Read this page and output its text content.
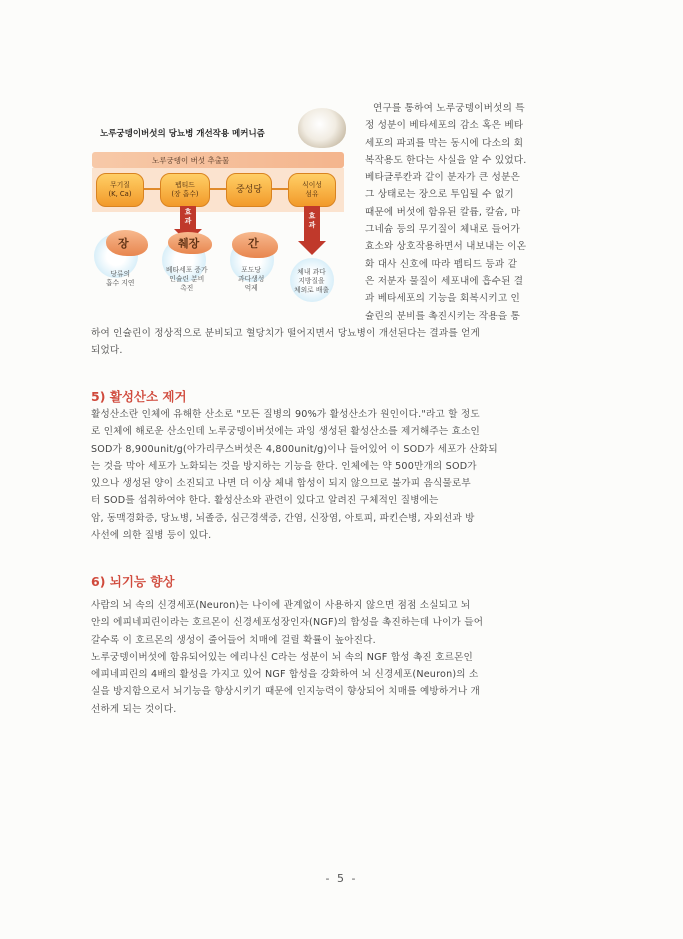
노루궁뎅이버섯의 당뇨병 개선작용 메커니즘
노루궁뎅이 버섯 추출물
무기질
(K, Ca)
펩티드
(장 흡수)	중성당	식이성
섬유
효과
효과
장
당류의
흡수 지연
췌장
베타세포 증가
인슐린 분비
촉진
간
포도당
과다생성
억제
체내 과다
지방질을
체외로 배출
연구를 통하여 노루궁뎅이버섯의 특
정 성분이 베타세포의 감소 혹은 베타
세포의 파괴를 막는 동시에 다소의 회
복작용도 한다는 사실을 알 수 있었다.
베타글루칸과 같이 분자가 큰 성분은
그 상태로는 장으로 투입될 수 없기
때문에 버섯에 함유된 칼륨, 칼슘, 마
그네슘 등의 무기질이 체내로 들어가
효소와 상호작용하면서 내보내는 이온
화 대사 신호에 따라 펩티드 등과 같
은 저분자 물질이 세포내에 흡수된 결
과 베타세포의 기능을 회복시키고 인
슐린의 분비를 촉진시키는 작용을 통
하여 인슐린이 정상적으로 분비되고 혈당치가 떨어지면서 당뇨병이 개선된다는 결과를 얻게
되었다.
5) 활성산소 제거
활성산소란 인체에 유해한 산소로 "모든 질병의 90%가 활성산소가 원인이다."라고 할 정도
로 인체에 해로운 산소인데 노루궁뎅이버섯에는 과잉 생성된 활성산소를 제거해주는 효소인
SOD가 8,900unit/g(아가리쿠스버섯은 4,800unit/g)이나 들어있어 이 SOD가 세포가 산화되
는 것을 막아 세포가 노화되는 것을 방지하는 기능을 한다. 인체에는 약 500만개의 SOD가
있으나 생성된 양이 소진되고 나면 더 이상 체내 합성이 되지 않으므로 불가피 음식물로부
터 SOD를 섭취하여야 한다. 활성산소와 관련이 있다고 알려진 구체적인 질병에는
암, 동맥경화증, 당뇨병, 뇌졸증, 심근경색증, 간염, 신장염, 아토피, 파킨슨병, 자외선과 방
사선에 의한 질병 등이 있다.
6) 뇌기능 향상
사람의 뇌 속의 신경세포(Neuron)는 나이에 관계없이 사용하지 않으면 점점 소실되고 뇌
안의 에피네피린이라는 호르몬이 신경세포성장인자(NGF)의 합성을 촉진하는데 나이가 들어
갈수록 이 호르몬의 생성이 줄어들어 치매에 걸릴 확률이 높아진다.
노루궁뎅이버섯에 함유되어있는 에리나신 C라는 성분이 뇌 속의 NGF 합성 촉진 호르몬인
에피네피린의 4배의 활성을 가지고 있어 NGF 합성을 강화하여 뇌 신경세포(Neuron)의 소
실을 방지함으로서 뇌기능을 향상시키기 때문에 인지능력이 향상되어 치매를 예방하거나 개
선하게 되는 것이다.
- 5 -
